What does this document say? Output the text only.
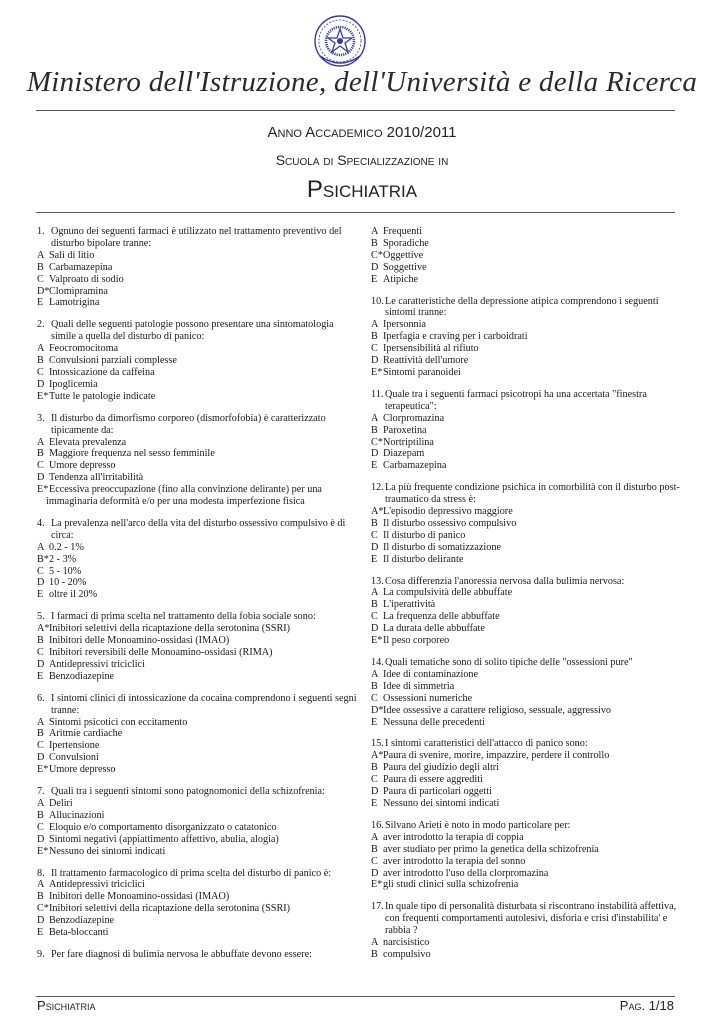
Ministero dell'Istruzione, dell'Università e della Ricerca
Anno Accademico 2010/2011
Scuola di Specializzazione in
Psichiatria
1. Ognuno dei seguenti farmaci è utilizzato nel trattamento preventivo del disturbo bipolare tranne:
A Sali di litio
B Carbamazepina
C Valproato di sodio
D*Clomipramina
E Lamotrigina
2. Quali delle seguenti patologie possono presentare una sintomatologia simile a quella del disturbo di panico:
A Feocromocitoma
B Convulsioni parziali complesse
C Intossicazione da caffeina
D Ipoglicemia
E*Tutte le patologie indicate
3. Il disturbo da dimorfismo corporeo (dismorfofobia) è caratterizzato tipicamente da:
A Elevata prevalenza
B Maggiore frequenza nel sesso femminile
C Umore depresso
D Tendenza all'irritabilità
E*Eccessiva preoccupazione (fino alla convinzione delirante) per una immaginaria deformità e/o per una modesta imperfezione fisica
4. La prevalenza nell'arco della vita del disturbo ossessivo compulsivo è di circa:
A 0.2 - 1%
B*2 - 3%
C 5 - 10%
D 10 - 20%
E oltre il 20%
5. I farmaci di prima scelta nel trattamento della fobia sociale sono:
A*Inibitori selettivi della ricaptazione della serotonina (SSRI)
B Inibitori delle Monoamino-ossidasi (IMAO)
C Inibitori reversibili delle Monoamino-ossidasi (RIMA)
D Antidepressivi triciclici
E Benzodiazepine
6. I sintomi clinici di intossicazione da cocaina comprendono i seguenti segni tranne:
A Sintomi psicotici con eccitamento
B Aritmie cardiache
C Ipertensione
D Convulsioni
E*Umore depresso
7. Quali tra i seguenti sintomi sono patognomonici della schizofrenia:
A Deliri
B Allucinazioni
C Eloquio e/o comportamento disorganizzato o catatonico
D Sintomi negativi (appiattimento affettivo, abulia, alogia)
E*Nessuno dei sintomi indicati
8. Il trattamento farmacologico di prima scelta del disturbo di panico è:
A Antidepressivi triciclici
B Inibitori delle Monoamino-ossidasi (IMAO)
C*Inibitori selettivi della ricaptazione della serotonina (SSRI)
D Benzodiazepine
E Beta-bloccanti
9. Per fare diagnosi di bulimia nervosa le abbuffate devono essere:
A Frequenti
B Sporadiche
C*Oggettive
D Soggettive
E Atipiche
10.Le caratteristiche della depressione atipica comprendono i seguenti sintomi tranne:
A Ipersonnia
B Iperfagia e craving per i carboidrati
C Ipersensibilità al rifiuto
D Reattività dell'umore
E*Sintomi paranoidei
11. Quale tra i seguenti farmaci psicotropi ha una accertata "finestra terapeutica":
A Clorpromazina
B Paroxetina
C*Nortriptilina
D Diazepam
E Carbamazepina
12.La più frequente condizione psichica in comorbilità con il disturbo post-traumatico da stress è:
A*L'episodio depressivo maggiore
B Il disturbo ossessivo compulsivo
C Il disturbo di panico
D Il disturbo di somatizzazione
E Il disturbo delirante
13.Cosa differenzia l'anoressia nervosa dalla bulimia nervosa:
A La compulsività delle abbuffate
B L'iperattività
C La frequenza delle abbuffate
D La durata delle abbuffate
E*Il peso corporeo
14.Quali tematiche sono di solito tipiche delle "ossessioni pure"
A Idee di contaminazione
B Idee di simmetria
C Ossessioni numeriche
D*Idee ossessive a carattere religioso, sessuale, aggressivo
E Nessuna delle precedenti
15.I sintomi caratteristici dell'attacco di panico sono:
A*Paura di svenire, morire, impazzire, perdere il controllo
B Paura del giudizio degli altri
C Paura di essere aggrediti
D Paura di particolari oggetti
E Nessuno dei sintomi indicati
16.Silvano Arieti è noto in modo particolare per:
A aver introdotto la terapia di coppia
B aver studiato per primo la genetica della schizofrenia
C aver introdotto la terapia del sonno
D aver introdotto l'uso della clorpromazina
E*gli studi clinici sulla schizofrenia
17.In quale tipo di personalità disturbata si riscontrano instabilità affettiva, con frequenti comportamenti autolesivi, disforia e crisi d'instabilita' e rabbia ?
A narcisistico
B compulsivo
Psichiatria	Pag. 1/18
